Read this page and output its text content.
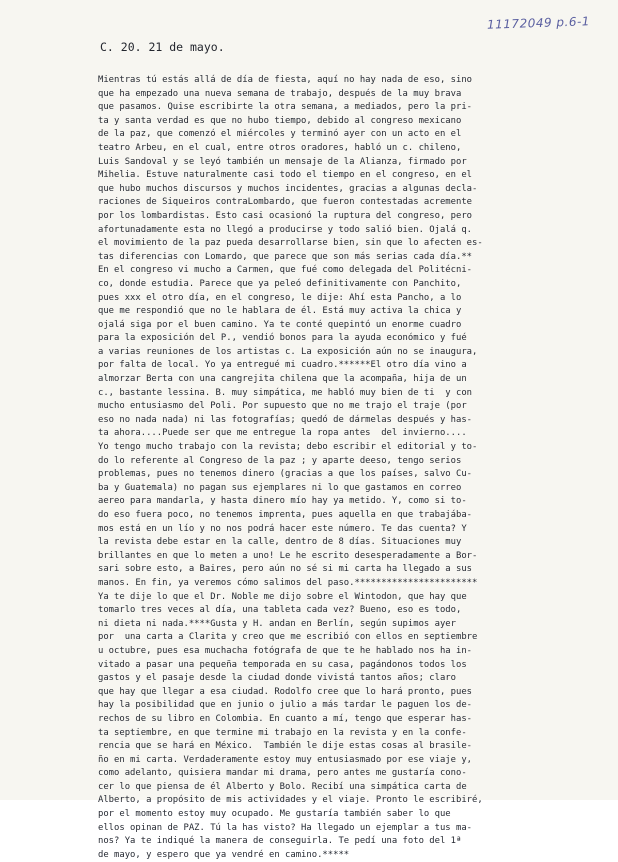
11172049 p.6-1
C. 20. 21 de mayo.
Mientras tú estás allá de día de fiesta, aquí no hay nada de eso, sino
que ha empezado una nueva semana de trabajo, después de la muy brava
que pasamos. Quise escribirte la otra semana, a mediados, pero la pri-
ta y santa verdad es que no hubo tiempo, debido al congreso mexicano
de la paz, que comenzó el miércoles y terminó ayer con un acto en el
teatro Arbeu, en el cual, entre otros oradores, habló un c. chileno,
Luis Sandoval y se leyó también un mensaje de la Alianza, firmado por
Mihelia. Estuve naturalmente casi todo el tiempo en el congreso, en el
que hubo muchos discursos y muchos incidentes, gracias a algunas decla-
raciones de Siqueiros contraLombardo, que fueron contestadas acremente
por los lombardistas. Esto casi ocasionó la ruptura del congreso, pero
afortunadamente esta no llegó a producirse y todo salió bien. Ojalá q.
el movimiento de la paz pueda desarrollarse bien, sin que lo afecten es-
tas diferencias con Lomardo, que parece que son más serias cada día.**
En el congreso vi mucho a Carmen, que fué como delegada del Politécni-
co, donde estudia. Parece que ya peleó definitivamente con Panchito,
pues xxx el otro día, en el congreso, le dije: Ahí esta Pancho, a lo
que me respondió que no le hablara de él. Está muy activa la chica y
ojalá siga por el buen camino. Ya te conté quepintó un enorme cuadro
para la exposición del P., vendió bonos para la ayuda económico y fué
a varias reuniones de los artistas c. La exposición aún no se inaugura,
por falta de local. Yo ya entregué mi cuadro.******El otro día vino a
almorzar Berta con una cangrejita chilena que la acompaña, hija de un
c., bastante lessina. B. muy simpática, me habló muy bien de ti  y con
mucho entusiasmo del Poli. Por supuesto que no me trajo el traje (por
eso no nada nada) ni las fotografías; quedó de dármelas después y has-
ta ahora....Puede ser que me entregue la ropa antes  del invierno....
Yo tengo mucho trabajo con la revista; debo escribir el editorial y to-
do lo referente al Congreso de la paz ; y aparte deeso, tengo serios
problemas, pues no tenemos dinero (gracias a que los países, salvo Cu-
ba y Guatemala) no pagan sus ejemplares ni lo que gastamos en correo
aereo para mandarla, y hasta dinero mío hay ya metido. Y, como si to-
do eso fuera poco, no tenemos imprenta, pues aquella en que trabajába-
mos está en un lío y no nos podrá hacer este número. Te das cuenta? Y
la revista debe estar en la calle, dentro de 8 días. Situaciones muy
brillantes en que lo meten a uno! Le he escrito desesperadamente a Bor-
sari sobre esto, a Baires, pero aún no sé si mi carta ha llegado a sus
manos. En fin, ya veremos cómo salimos del paso.***********************
Ya te dije lo que el Dr. Noble me dijo sobre el Wintodon, que hay que
tomarlo tres veces al día, una tableta cada vez? Bueno, eso es todo,
ni dieta ni nada.****Gusta y H. andan en Berlín, según supimos ayer
por  una carta a Clarita y creo que me escribió con ellos en septiembre
u octubre, pues esa muchacha fotógrafa de que te he hablado nos ha in-
vitado a pasar una pequeña temporada en su casa, pagándonos todos los
gastos y el pasaje desde la ciudad donde vivistá tantos años; claro
que hay que llegar a esa ciudad. Rodolfo cree que lo hará pronto, pues
hay la posibilidad que en junio o julio a más tardar le paguen los de-
rechos de su libro en Colombia. En cuanto a mí, tengo que esperar has-
ta septiembre, en que termine mi trabajo en la revista y en la confe-
rencia que se hará en México.  También le dije estas cosas al brasile-
ño en mi carta. Verdaderamente estoy muy entusiasmado por ese viaje y,
como adelanto, quisiera mandar mi drama, pero antes me gustaría cono-
cer lo que piensa de él Alberto y Bolo. Recibí una simpática carta de
Alberto, a propósito de mis actividades y el viaje. Pronto le escribiré,
por el momento estoy muy ocupado. Me gustaría también saber lo que
ellos opinan de PAZ. Tú la has visto? Ha llegado un ejemplar a tus ma-
nos? Ya te indiqué la manera de conseguirla. Te pedí una foto del 1ª
de mayo, y espero que ya vendré en camino.*****
